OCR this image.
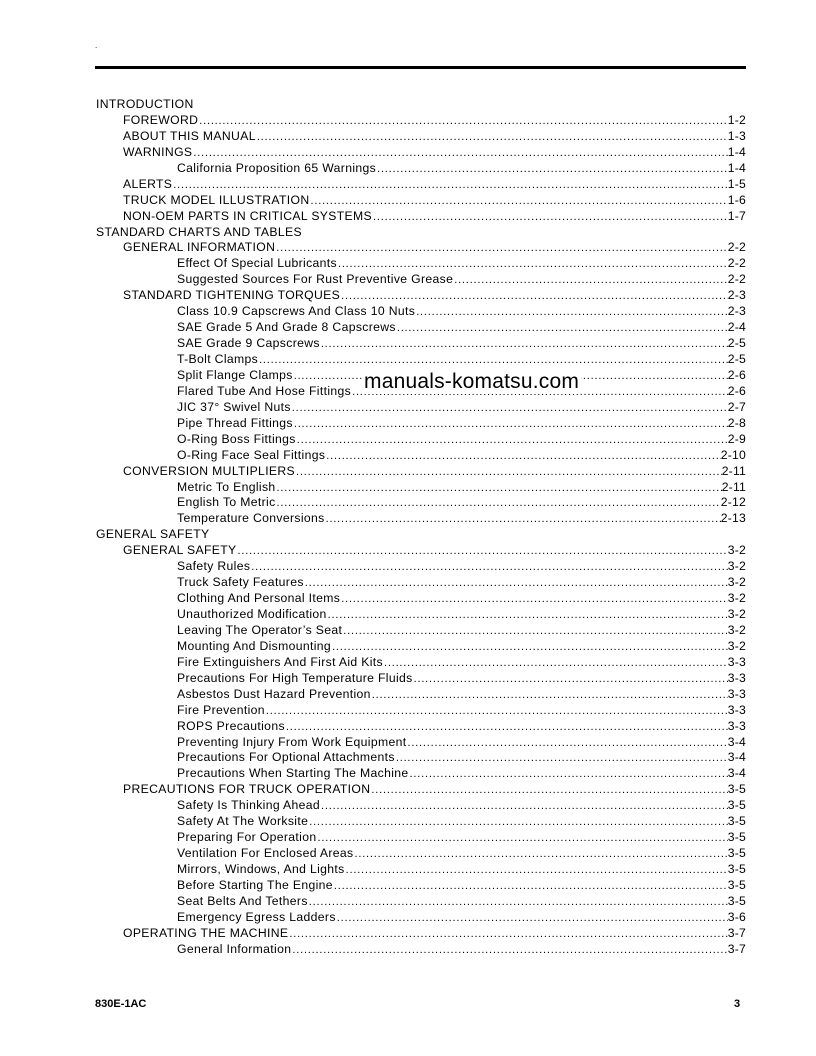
.
INTRODUCTION
FOREWORD .....	1-2
ABOUT THIS MANUAL .....	1-3
WARNINGS .....	1-4
California Proposition 65 Warnings .....	1-4
ALERTS .....	1-5
TRUCK MODEL ILLUSTRATION .....	1-6
NON-OEM PARTS IN CRITICAL SYSTEMS .....	1-7
STANDARD CHARTS AND TABLES
GENERAL INFORMATION .....	2-2
Effect Of Special Lubricants .....	2-2
Suggested Sources For Rust Preventive Grease .....	2-2
STANDARD TIGHTENING TORQUES .....	2-3
Class 10.9 Capscrews And Class 10 Nuts .....	2-3
SAE Grade 5 And Grade 8 Capscrews .....	2-4
SAE Grade 9 Capscrews .....	2-5
T-Bolt Clamps .....	2-5
Split Flange Clamps .....	2-6
Flared Tube And Hose Fittings .....	2-6
JIC 37° Swivel Nuts .....	2-7
Pipe Thread Fittings .....	2-8
O-Ring Boss Fittings .....	2-9
O-Ring Face Seal Fittings .....	2-10
CONVERSION MULTIPLIERS .....	2-11
Metric To English .....	2-11
English To Metric .....	2-12
Temperature Conversions .....	2-13
GENERAL SAFETY
GENERAL SAFETY .....	3-2
Safety Rules .....	3-2
Truck Safety Features .....	3-2
Clothing And Personal Items .....	3-2
Unauthorized Modification .....	3-2
Leaving The Operator’s Seat .....	3-2
Mounting And Dismounting .....	3-2
Fire Extinguishers And First Aid Kits .....	3-3
Precautions For High Temperature Fluids .....	3-3
Asbestos Dust Hazard Prevention .....	3-3
Fire Prevention .....	3-3
ROPS Precautions .....	3-3
Preventing Injury From Work Equipment .....	3-4
Precautions For Optional Attachments .....	3-4
Precautions When Starting The Machine .....	3-4
PRECAUTIONS FOR TRUCK OPERATION .....	3-5
Safety Is Thinking Ahead .....	3-5
Safety At The Worksite .....	3-5
Preparing For Operation .....	3-5
Ventilation For Enclosed Areas .....	3-5
Mirrors, Windows, And Lights .....	3-5
Before Starting The Engine .....	3-5
Seat Belts And Tethers .....	3-5
Emergency Egress Ladders .....	3-6
OPERATING THE MACHINE .....	3-7
General Information .....	3-7
manuals-komatsu.com
830E-1AC	3
